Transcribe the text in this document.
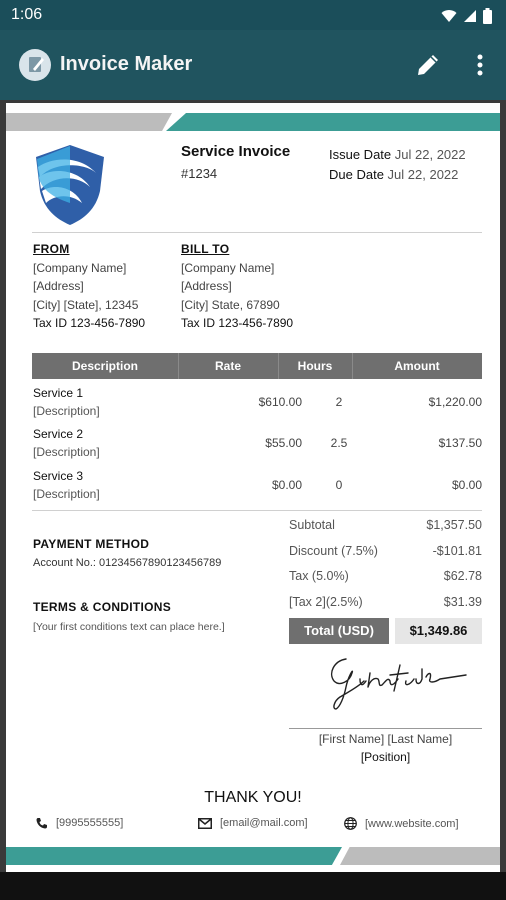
1:06
Invoice Maker
Service Invoice
#1234
Issue Date Jul 22, 2022
Due Date Jul 22, 2022
FROM
[Company Name]
[Address]
[City] [State], 12345
Tax ID 123-456-7890
BILL TO
[Company Name]
[Address]
[City] State, 67890
Tax ID 123-456-7890
Description	Rate	Hours	Amount
Service 1
[Description]
$610.00	2	$1,220.00
Service 2
[Description]
$55.00	2.5	$137.50
Service 3
[Description]
$0.00	0	$0.00
PAYMENT METHOD
Account No.: 01234567890123456789
TERMS & CONDITIONS
[Your first conditions text can place here.]
Subtotal	$1,357.50
Discount (7.5%)	-$101.81
Tax (5.0%)	$62.78
[Tax 2](2.5%)	$31.39
Total (USD)	$1,349.86
[First Name] [Last Name]
[Position]
THANK YOU!
[9995555555]	[email@mail.com]	[www.website.com]
